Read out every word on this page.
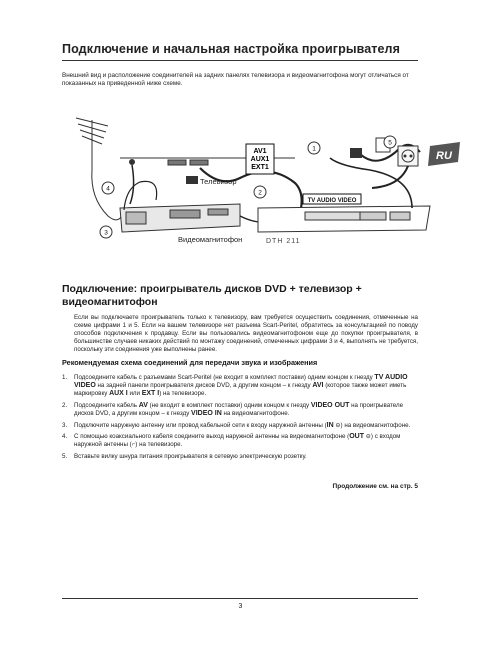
Подключение и начальная настройка проигрывателя
Внешний вид и расположение соединителей на задних панелях телевизора и видеомагнитофона могут отличаться от показанных на приведенной ниже схеме.
TV AUDIO VIDEO
AV1
AUX1
EXT1
RU
1
2
3
4
5
Телевизор
Видеомагнитофон	DTH 211
Подключение: проигрыватель дисков DVD + телевизор + видеомагнитофон
Если вы подключаете проигрыватель только к телевизору, вам требуется осуществить соединения, отмеченные на схеме цифрами 1 и 5. Если на вашем телевизоре нет разъема Scart-Peritel, обратитесь за консультацией по поводу способов подключения к продавцу. Если вы пользовались видеомагнитофоном еще до покупки проигрывателя, в большинстве случаев никаких действий по монтажу соединений, отмеченных цифрами 3 и 4, выполнять не требуется, поскольку эти соединения уже выполнены ранее.
Рекомендуемая схема соединений для передачи звука и изображения
1. Подсоедините кабель с разъемами Scart-Peritel (не входит в комплект поставки) одним концом к гнезду TV AUDIO VIDEO на задней панели проигрывателя дисков DVD, а другим концом – к гнезду AVI (которое также может иметь маркировку AUX I или EXT I) на телевизоре.
2. Подсоедините кабель AV (не входит в комплект поставки) одним концом к гнезду VIDEO OUT на проигрывателе дисков DVD, а другим концом – к гнезду VIDEO IN на видеомагнитофоне.
3. Подключите наружную антенну или провод кабельной сети к входу наружной антенны (IN ⊖) на видеомагнитофоне.
4. С помощью коаксиального кабеля соедините выход наружной антенны на видеомагнитофоне (OUT ⊖) с входом наружной антенны (⌐) на телевизоре.
5. Вставьте вилку шнура питания проигрывателя в сетевую электрическую розетку.
Продолжение см. на стр. 5
3
